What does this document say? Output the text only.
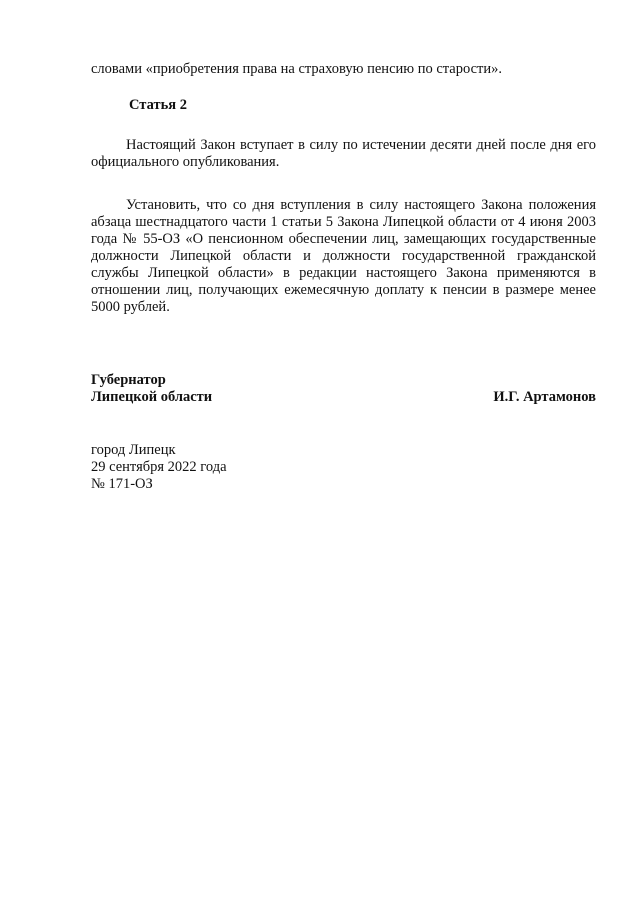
словами «приобретения права на страховую пенсию по старости».

Статья 2

Настоящий Закон вступает в силу по истечении десяти дней после дня его официального опубликования.

Установить, что со дня вступления в силу настоящего Закона положения абзаца шестнадцатого части 1 статьи 5 Закона Липецкой области от 4 июня 2003 года № 55-ОЗ «О пенсионном обеспечении лиц, замещающих государственные должности Липецкой области и должности государственной гражданской службы Липецкой области» в редакции настоящего Закона применяются в отношении лиц, получающих ежемесячную доплату к пенсии в размере менее 5000 рублей.

Губернатор
Липецкой области	И.Г. Артамонов
город Липецк
29 сентября 2022 года
№ 171-ОЗ
